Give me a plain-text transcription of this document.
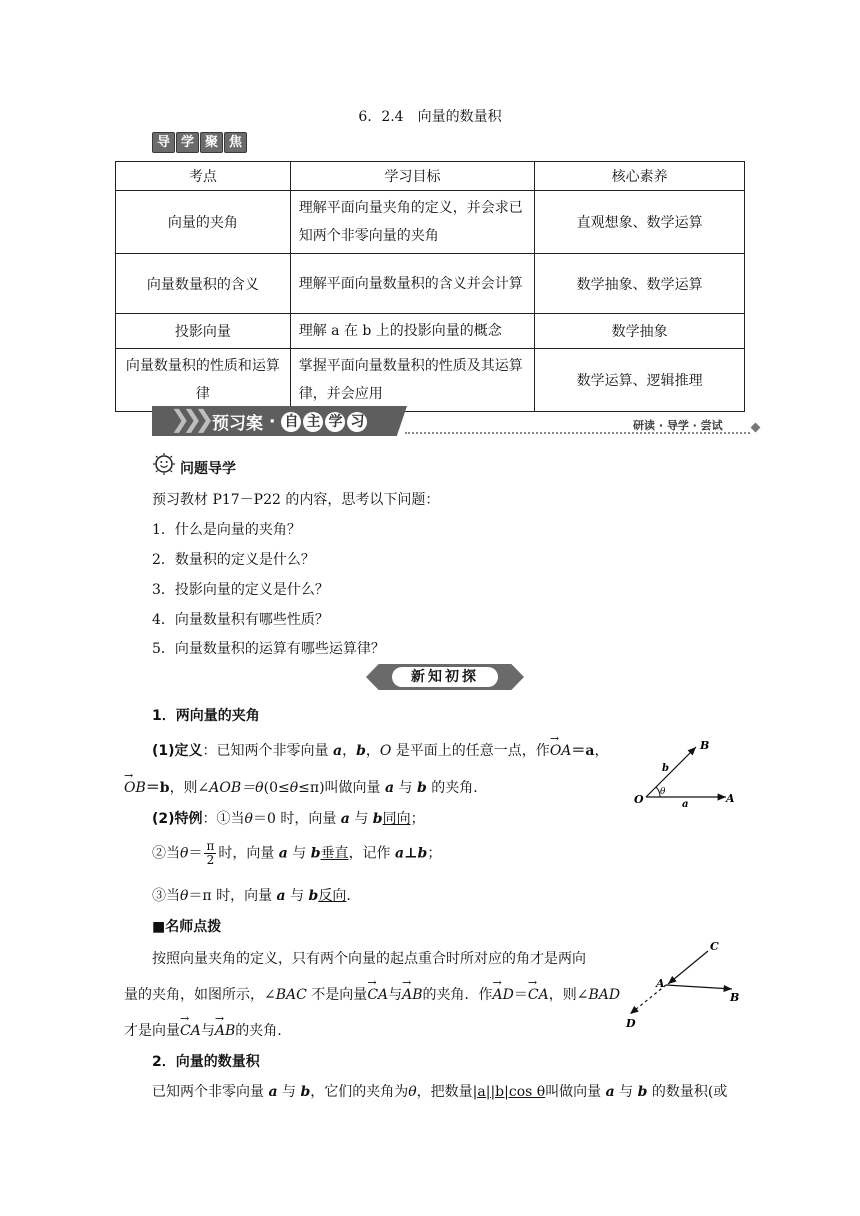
6．2.4　向量的数量积
导 学 聚 焦
考点	学习目标	核心素养
向量的夹角	理解平面向量夹角的定义，并会求已知两个非零向量的夹角	直观想象、数学运算
向量数量积的含义	理解平面向量数量积的含义并会计算	数学抽象、数学运算
投影向量	理解 a 在 b 上的投影向量的概念	数学抽象
向量数量积的性质和运算律	掌握平面向量数量积的性质及其运算律，并会应用	数学运算、逻辑推理
❯❯❯ 预习案 · 自 主 学 习	研读 · 导学 · 尝试
问题导学
预习教材 P17－P22 的内容，思考以下问题：
1．什么是向量的夹角？
2．数量积的定义是什么？
3．投影向量的定义是什么？
4．向量数量积有哪些性质？
5．向量数量积的运算有哪些运算律？
新知初探
1．两向量的夹角
(1)定义：已知两个非零向量 a，b，O 是平面上的任意一点，作→ OA＝a，
→ OB＝b，则∠AOB＝θ(0≤θ≤π)叫做向量 a 与 b 的夹角.
(2)特例：①当θ＝0 时，向量 a 与 b同向；
②当$\theta= \frac{\pi}{2}$ 时，向量 a 与 b垂直，记作 a⊥b；
③当θ＝π 时，向量 a 与 b反向.
O	A
B
a
b
θ
■名师点拨
按照向量夹角的定义，只有两个向量的起点重合时所对应的角才是两向
量的夹角，如图所示，∠BAC 不是向量→ CA与→ AB的夹角．作→ AD＝→ CA，则∠BAD
才是向量→ CA与→ AB的夹角.
A
B
C
D
2．向量的数量积
已知两个非零向量 a 与 b，它们的夹角为θ，把数量|a||b|cos θ叫做向量 a 与 b 的数量积(或
